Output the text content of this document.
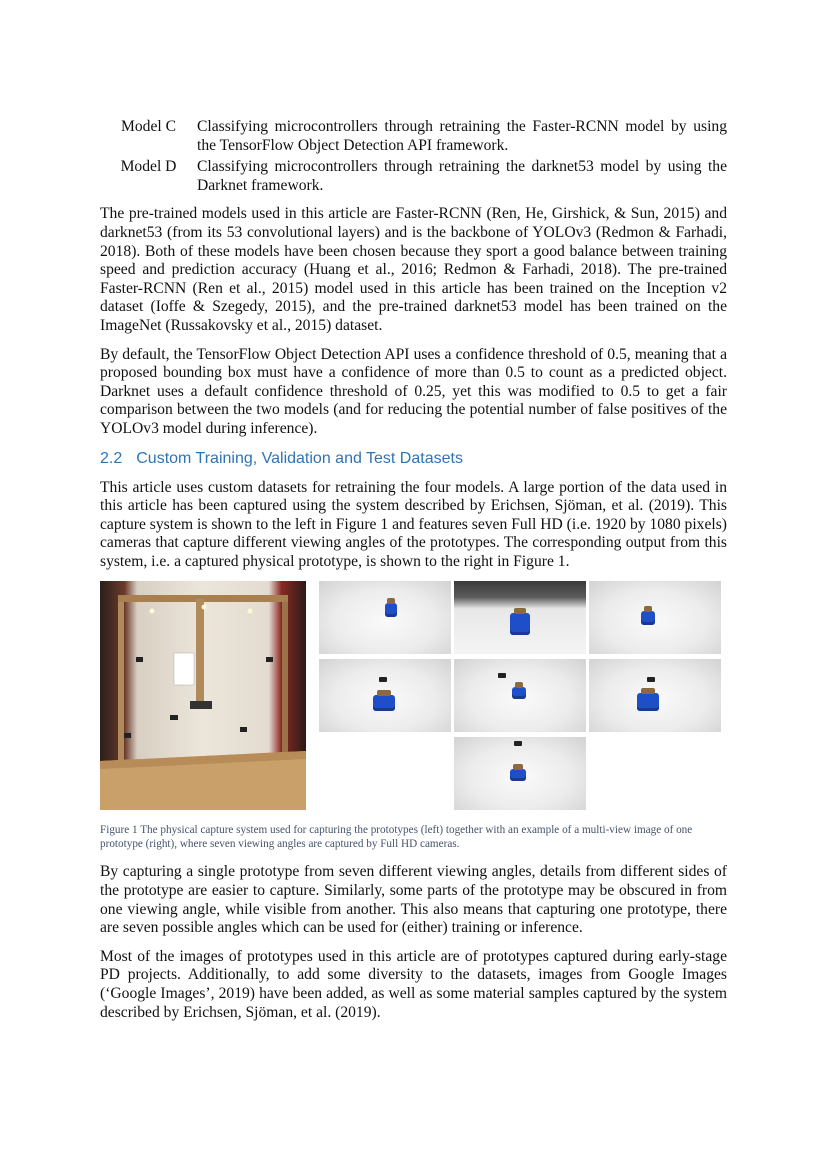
Model C	Classifying microcontrollers through retraining the Faster-RCNN model by using the TensorFlow Object Detection API framework.
Model D	Classifying microcontrollers through retraining the darknet53 model by using the Darknet framework.

The pre-trained models used in this article are Faster-RCNN (Ren, He, Girshick, & Sun, 2015) and darknet53 (from its 53 convolutional layers) and is the backbone of YOLOv3 (Redmon & Farhadi, 2018). Both of these models have been chosen because they sport a good balance between training speed and prediction accuracy (Huang et al., 2016; Redmon & Farhadi, 2018). The pre-trained Faster-RCNN (Ren et al., 2015) model used in this article has been trained on the Inception v2 dataset (Ioffe & Szegedy, 2015), and the pre-trained darknet53 model has been trained on the ImageNet (Russakovsky et al., 2015) dataset.

By default, the TensorFlow Object Detection API uses a confidence threshold of 0.5, meaning that a proposed bounding box must have a confidence of more than 0.5 to count as a predicted object. Darknet uses a default confidence threshold of 0.25, yet this was modified to 0.5 to get a fair comparison between the two models (and for reducing the potential number of false positives of the YOLOv3 model during inference).

2.2 Custom Training, Validation and Test Datasets

This article uses custom datasets for retraining the four models. A large portion of the data used in this article has been captured using the system described by Erichsen, Sjöman, et al. (2019). This capture system is shown to the left in Figure 1 and features seven Full HD (i.e. 1920 by 1080 pixels) cameras that capture different viewing angles of the prototypes. The corresponding output from this system, i.e. a captured physical prototype, is shown to the right in Figure 1.

Figure 1 The physical capture system used for capturing the prototypes (left) together with an example of a multi-view image of one prototype (right), where seven viewing angles are captured by Full HD cameras.

By capturing a single prototype from seven different viewing angles, details from different sides of the prototype are easier to capture. Similarly, some parts of the prototype may be obscured in from one viewing angle, while visible from another. This also means that capturing one prototype, there are seven possible angles which can be used for (either) training or inference.

Most of the images of prototypes used in this article are of prototypes captured during early-stage PD projects. Additionally, to add some diversity to the datasets, images from Google Images (‘Google Images’, 2019) have been added, as well as some material samples captured by the system described by Erichsen, Sjöman, et al. (2019).
